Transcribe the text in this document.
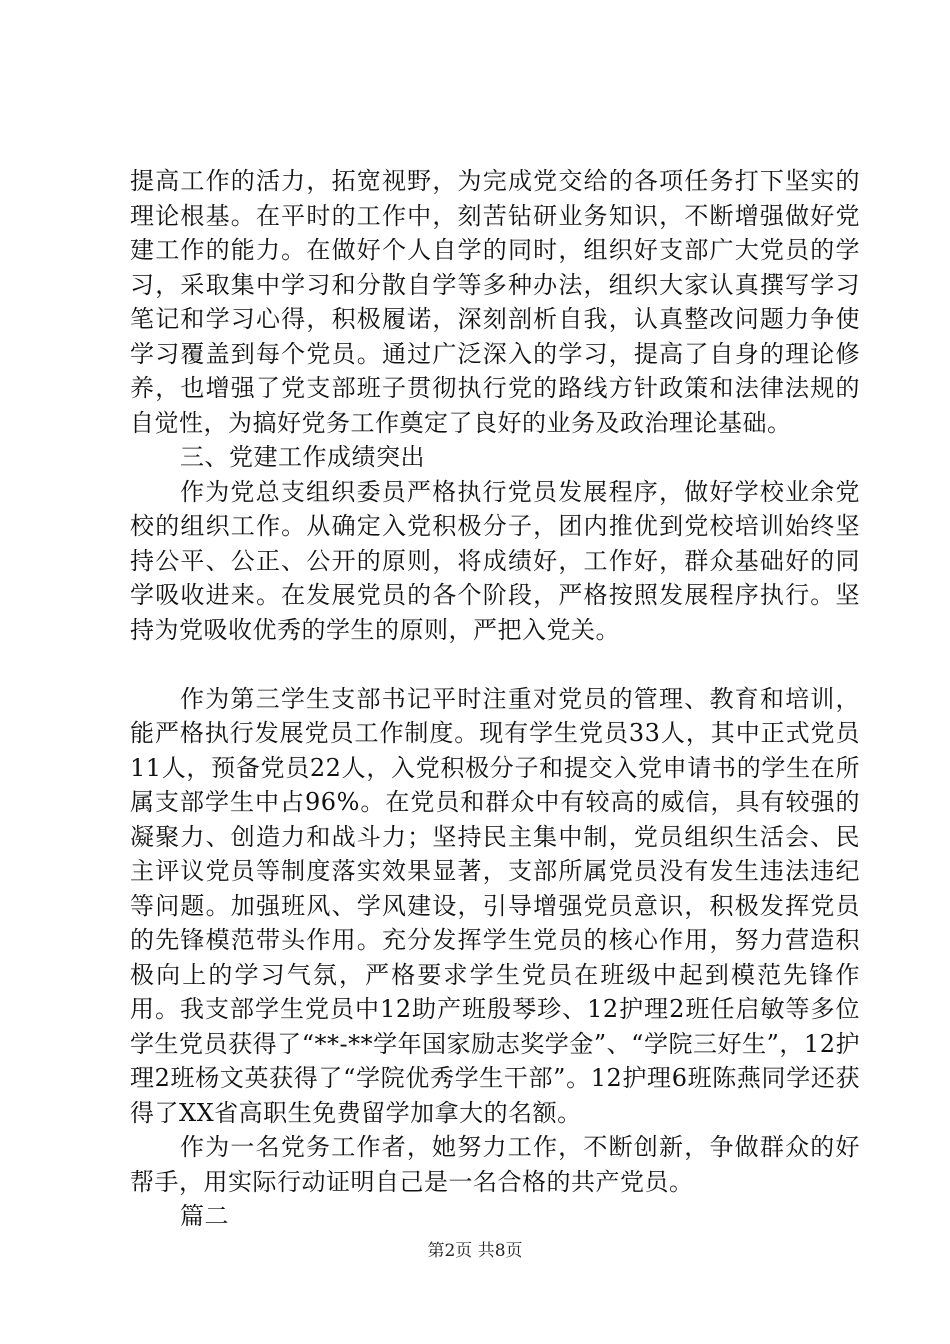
提高工作的活力，拓宽视野，为完成党交给的各项任务打下坚实的理论根基。在平时的工作中，刻苦钻研业务知识，不断增强做好党建工作的能力。在做好个人自学的同时，组织好支部广大党员的学习，采取集中学习和分散自学等多种办法，组织大家认真撰写学习笔记和学习心得，积极履诺，深刻剖析自我，认真整改问题力争使学习覆盖到每个党员。通过广泛深入的学习，提高了自身的理论修养，也增强了党支部班子贯彻执行党的路线方针政策和法律法规的自觉性，为搞好党务工作奠定了良好的业务及政治理论基础。

三、党建工作成绩突出

作为党总支组织委员严格执行党员发展程序，做好学校业余党校的组织工作。从确定入党积极分子，团内推优到党校培训始终坚持公平、公正、公开的原则，将成绩好，工作好，群众基础好的同学吸收进来。在发展党员的各个阶段，严格按照发展程序执行。坚持为党吸收优秀的学生的原则，严把入党关。

作为第三学生支部书记平时注重对党员的管理、教育和培训，能严格执行发展党员工作制度。现有学生党员33人，其中正式党员11人，预备党员22人，入党积极分子和提交入党申请书的学生在所属支部学生中占96%。在党员和群众中有较高的威信，具有较强的凝聚力、创造力和战斗力；坚持民主集中制，党员组织生活会、民主评议党员等制度落实效果显著，支部所属党员没有发生违法违纪等问题。加强班风、学风建设，引导增强党员意识，积极发挥党员的先锋模范带头作用。充分发挥学生党员的核心作用，努力营造积极向上的学习气氛，严格要求学生党员在班级中起到模范先锋作用。我支部学生党员中12助产班殷琴珍、12护理2班任启敏等多位学生党员获得了“**-**学年国家励志奖学金”、“学院三好生”，12护理2班杨文英获得了“学院优秀学生干部”。12护理6班陈燕同学还获得了XX省高职生免费留学加拿大的名额。

作为一名党务工作者，她努力工作，不断创新，争做群众的好帮手，用实际行动证明自己是一名合格的共产党员。

篇二

第2页 共8页
